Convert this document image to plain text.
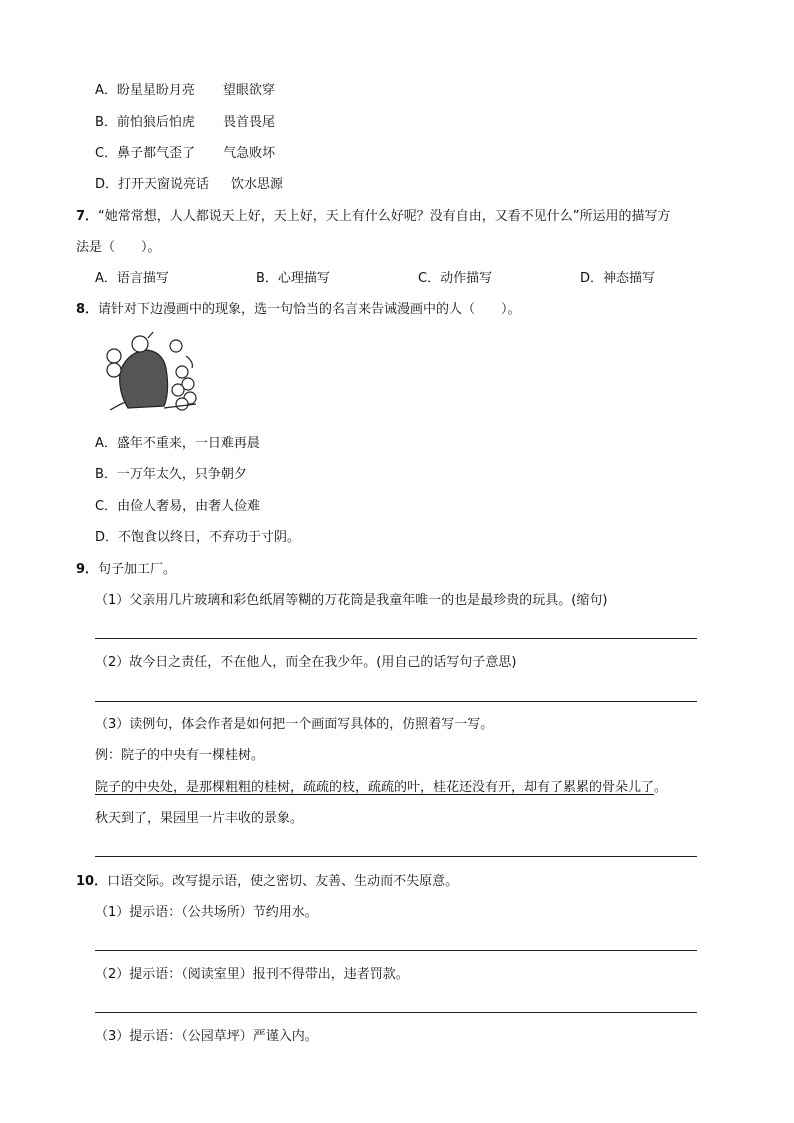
A．盼星星盼月亮 望眼欲穿
B．前怕狼后怕虎 畏首畏尾
C．鼻子都气歪了 气急败坏
D．打开天窗说亮话 饮水思源
7．“她常常想，人人都说天上好，天上好，天上有什么好呢？没有自由，又看不见什么”所运用的描写方
法是（　　）。
A．语言描写	B．心理描写	C．动作描写	D．神态描写
8．请针对下边漫画中的现象，选一句恰当的名言来告诫漫画中的人（　　）。
A．盛年不重来，一日难再晨
B．一万年太久，只争朝夕
C．由俭人奢易，由奢人俭难
D．不饱食以终日，不弃功于寸阴。
9．句子加工厂。
（1）父亲用几片玻璃和彩色纸屑等糊的万花筒是我童年唯一的也是最珍贵的玩具。(缩句)
（2）故今日之责任，不在他人，而全在我少年。(用自己的话写句子意思)
（3）读例句，体会作者是如何把一个画面写具体的，仿照着写一写。
例：院子的中央有一棵桂树。
院子的中央处，是那棵粗粗的桂树，疏疏的枝，疏疏的叶，桂花还没有开，却有了累累的骨朵儿了。
秋天到了，果园里一片丰收的景象。
10．口语交际。改写提示语，使之密切、友善、生动而不失原意。
（1）提示语：（公共场所）节约用水。
（2）提示语：（阅读室里）报刊不得带出，违者罚款。
（3）提示语：（公园草坪）严谨入内。
